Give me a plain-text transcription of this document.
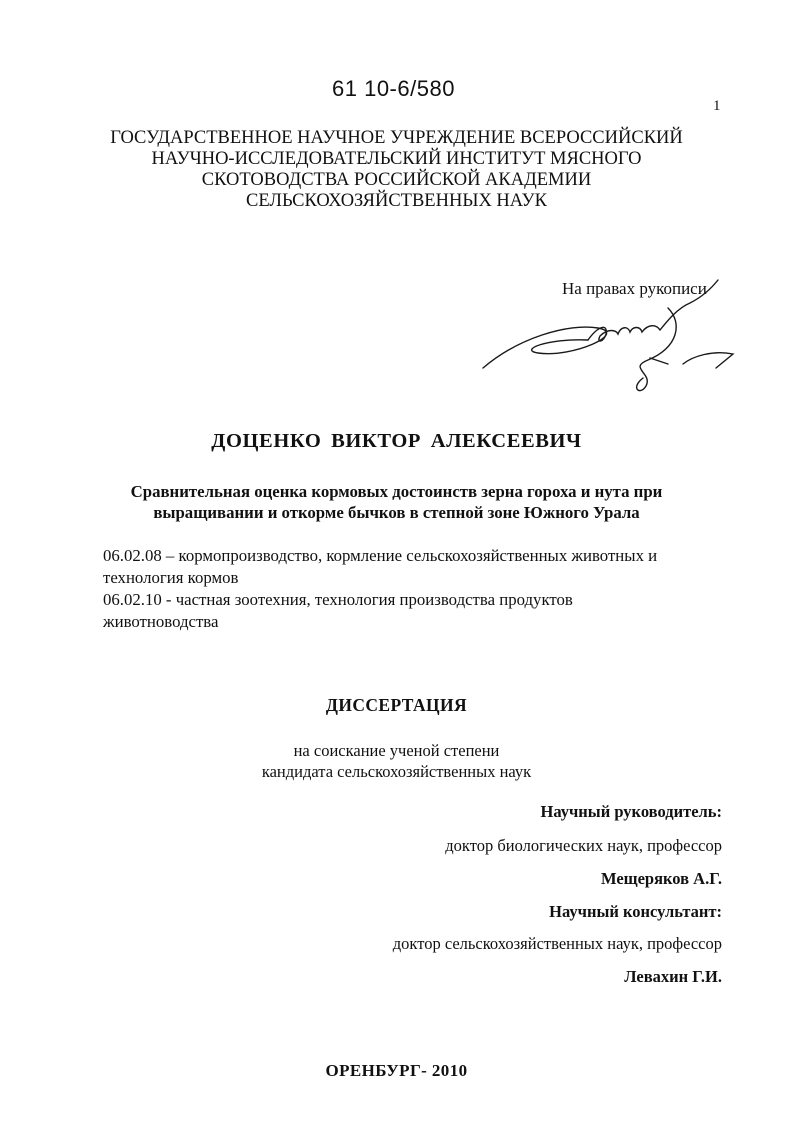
61 10-6/580
1
ГОСУДАРСТВЕННОЕ НАУЧНОЕ УЧРЕЖДЕНИЕ ВСЕРОССИЙСКИЙ
НАУЧНО-ИССЛЕДОВАТЕЛЬСКИЙ ИНСТИТУТ МЯСНОГО
СКОТОВОДСТВА РОССИЙСКОЙ АКАДЕМИИ
СЕЛЬСКОХОЗЯЙСТВЕННЫХ НАУК
На правах рукописи
ДОЦЕНКО ВИКТОР АЛЕКСЕЕВИЧ
Сравнительная оценка кормовых достоинств зерна гороха и нута при
выращивании и откорме бычков в степной зоне Южного Урала
06.02.08 – кормопроизводство, кормление сельскохозяйственных животных и
технология кормов
06.02.10 - частная зоотехния, технология производства продуктов
животноводства
ДИССЕРТАЦИЯ
на соискание ученой степени
кандидата сельскохозяйственных наук
Научный руководитель:
доктор биологических наук, профессор
Мещеряков А.Г.
Научный консультант:
доктор сельскохозяйственных наук, профессор
Левахин Г.И.
ОРЕНБУРГ- 2010
